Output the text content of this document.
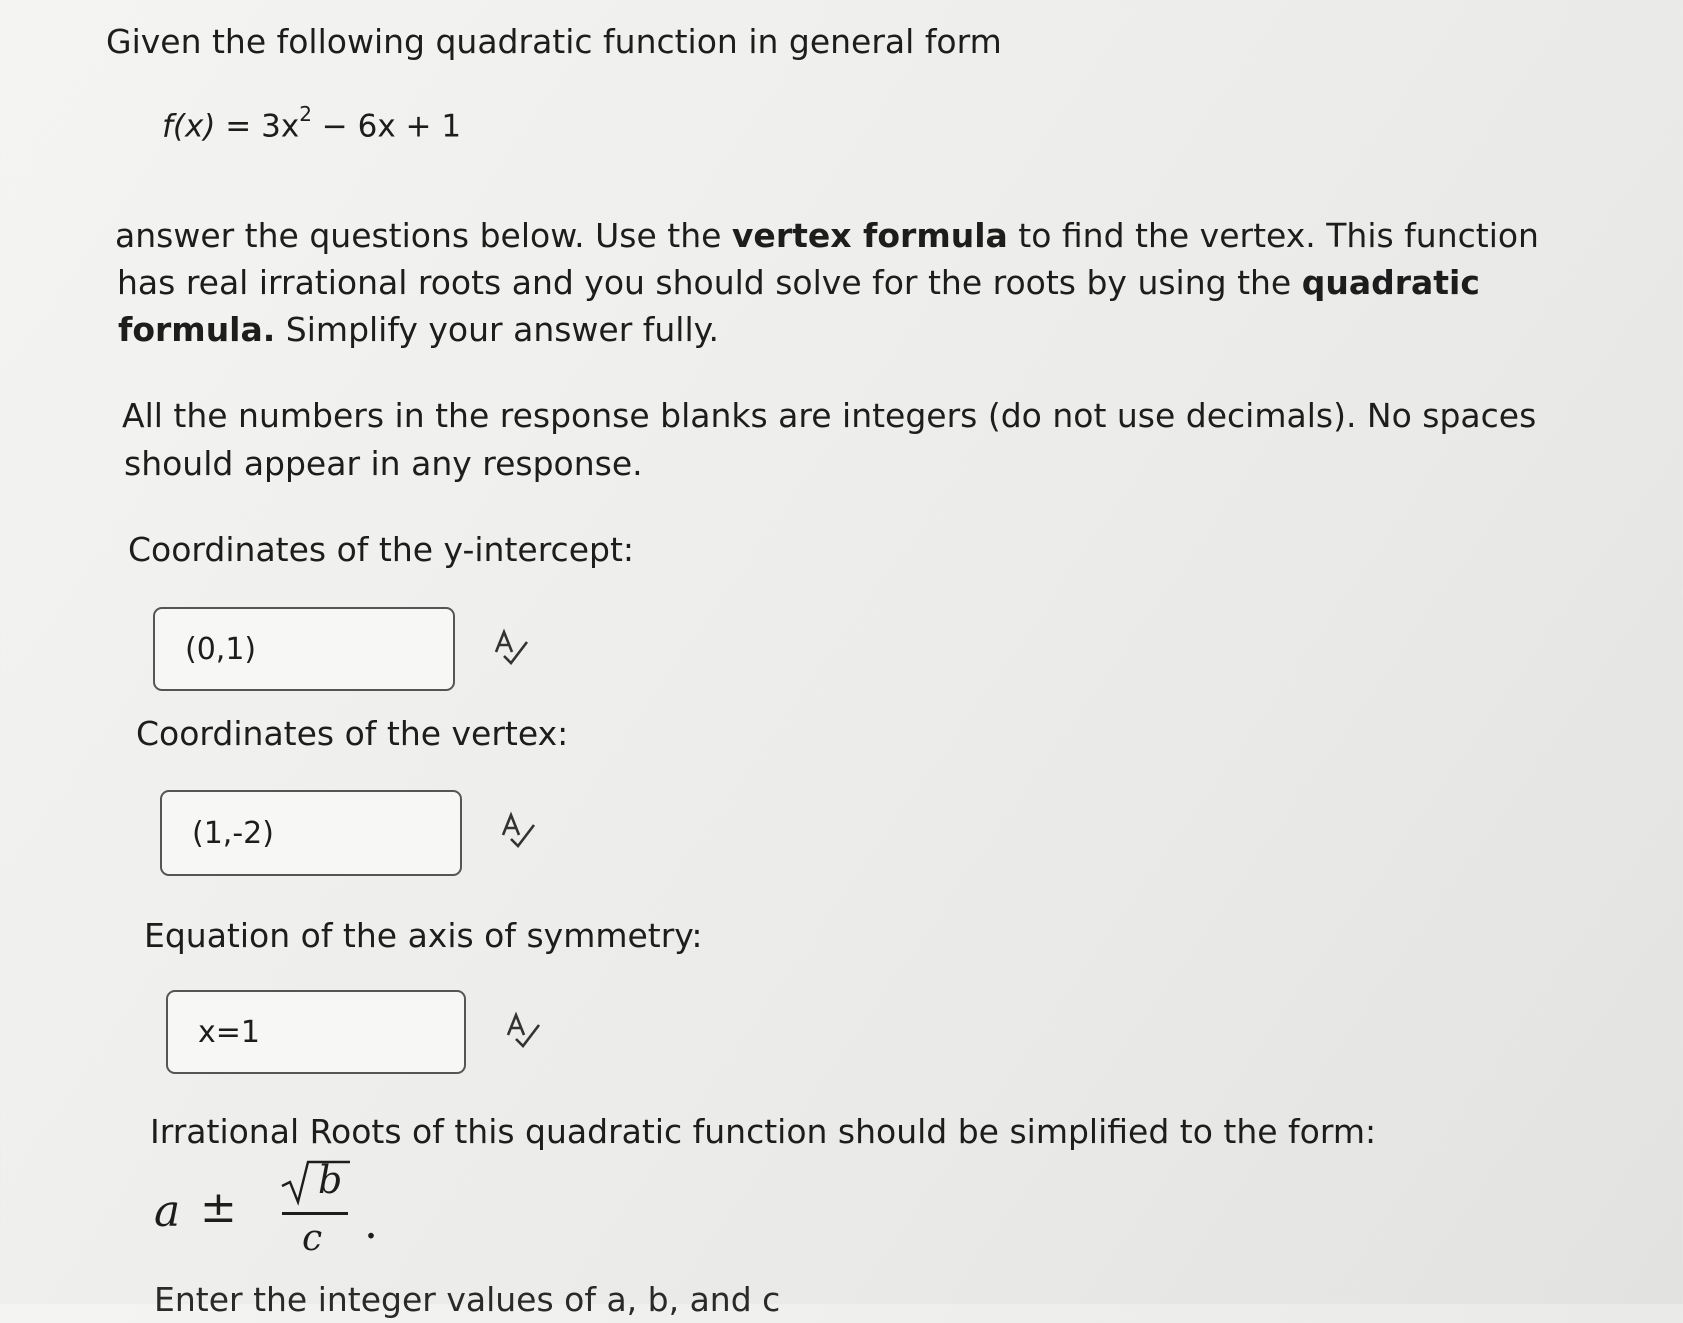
Given the following quadratic function in general form
$f(x) = 3x^2 - 6x + 1$
answer the questions below. Use the vertex formula to find the vertex. This function
has real irrational roots and you should solve for the roots by using the quadratic
formula. Simplify your answer fully.
All the numbers in the response blanks are integers (do not use decimals). No spaces
should appear in any response.
Coordinates of the y-intercept:
(0,1)
Coordinates of the vertex:
(1,-2)
Equation of the axis of symmetry:
x=1
Irrational Roots of this quadratic function should be simplified to the form:
a ±
b
c .
Enter the integer values of a, b, and c
